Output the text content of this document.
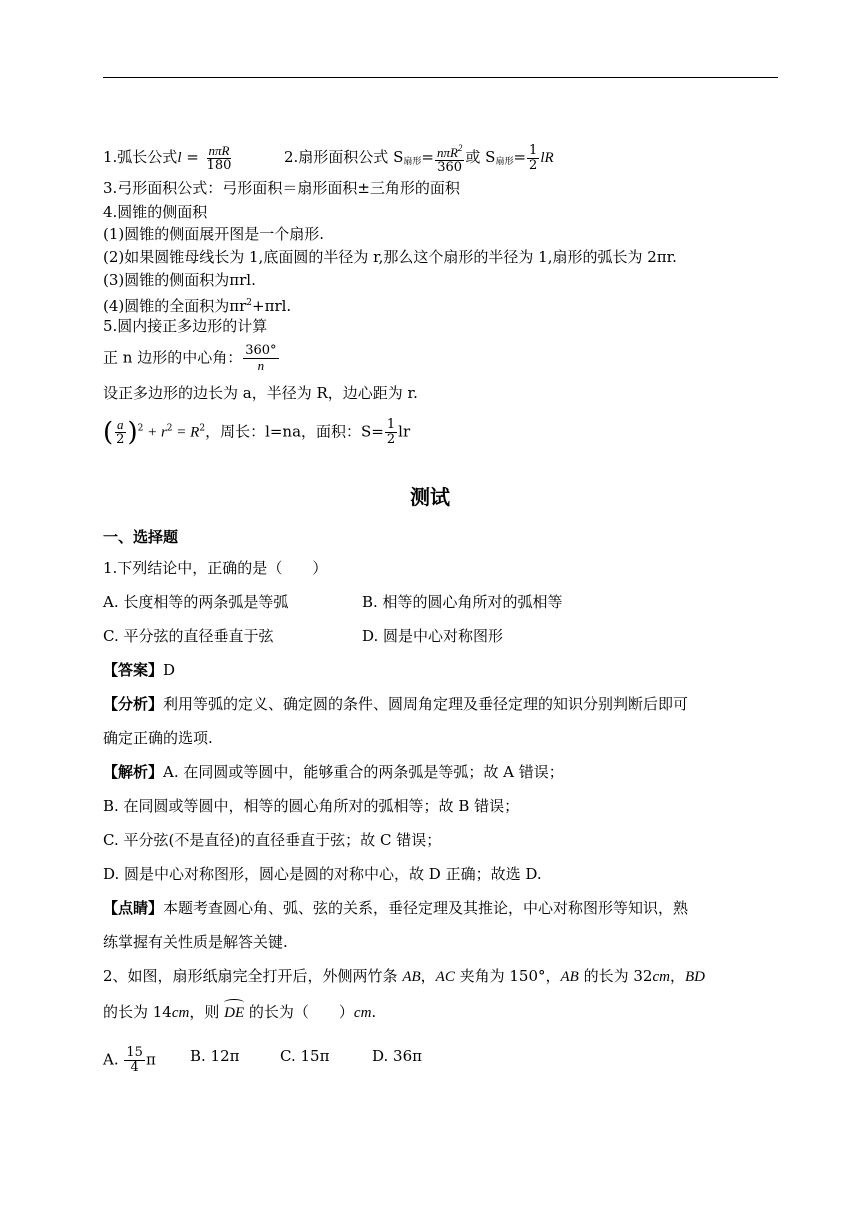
1.弧长公式$l = \frac{\text{nπR}}{180}$	2.扇形面积公式 $S_{扇形}= \frac{n\pi R^2}{360}$ 或 $S_{扇形}= \frac{1}{2}$ lR
3.弓形面积公式：弓形面积＝扇形面积±三角形的面积
4.圆锥的侧面积
(1)圆锥的侧面展开图是一个扇形.
(2)如果圆锥母线长为 1,底面圆的半径为 r,那么这个扇形的半径为 1,扇形的弧长为 2πr.
(3)圆锥的侧面积为πrl.
(4)圆锥的全面积为$\pi r^2+\pi rl$.
5.圆内接正多边形的计算
正 n 边形的中心角： $\frac{360^\circ}{n}$
设正多边形的边长为 a，半径为 R，边心距为 r.
( $\frac{a}{2} )^2 + r^2 = R^2$，周长：l=na，面积：$S= \frac{1}{2}$ lr
测试
一、选择题
1.下列结论中，正确的是（　　）
A. 长度相等的两条弧是等弧	B. 相等的圆心角所对的弧相等
C. 平分弦的直径垂直于弦	D. 圆是中心对称图形
【答案】D
【分析】利用等弧的定义、确定圆的条件、圆周角定理及垂径定理的知识分别判断后即可
确定正确的选项.
【解析】A. 在同圆或等圆中，能够重合的两条弧是等弧；故 A 错误；
B. 在同圆或等圆中，相等的圆心角所对的弧相等；故 B 错误；
C. 平分弦(不是直径)的直径垂直于弦；故 C 错误；
D. 圆是中心对称图形，圆心是圆的对称中心，故 D 正确；故选 D.
【点睛】本题考查圆心角、弧、弦的关系，垂径定理及其推论，中心对称图形等知识，熟
练掌握有关性质是解答关键.
2、如图，扇形纸扇完全打开后，外侧两竹条 AB，AC 夹角为 150°，AB 的长为 32cm，BD
的长为 14cm，则 DE 的长为（　　）cm.
A. $\frac{15}{4}$ π B. 12π	C. 15π	D. 36π
